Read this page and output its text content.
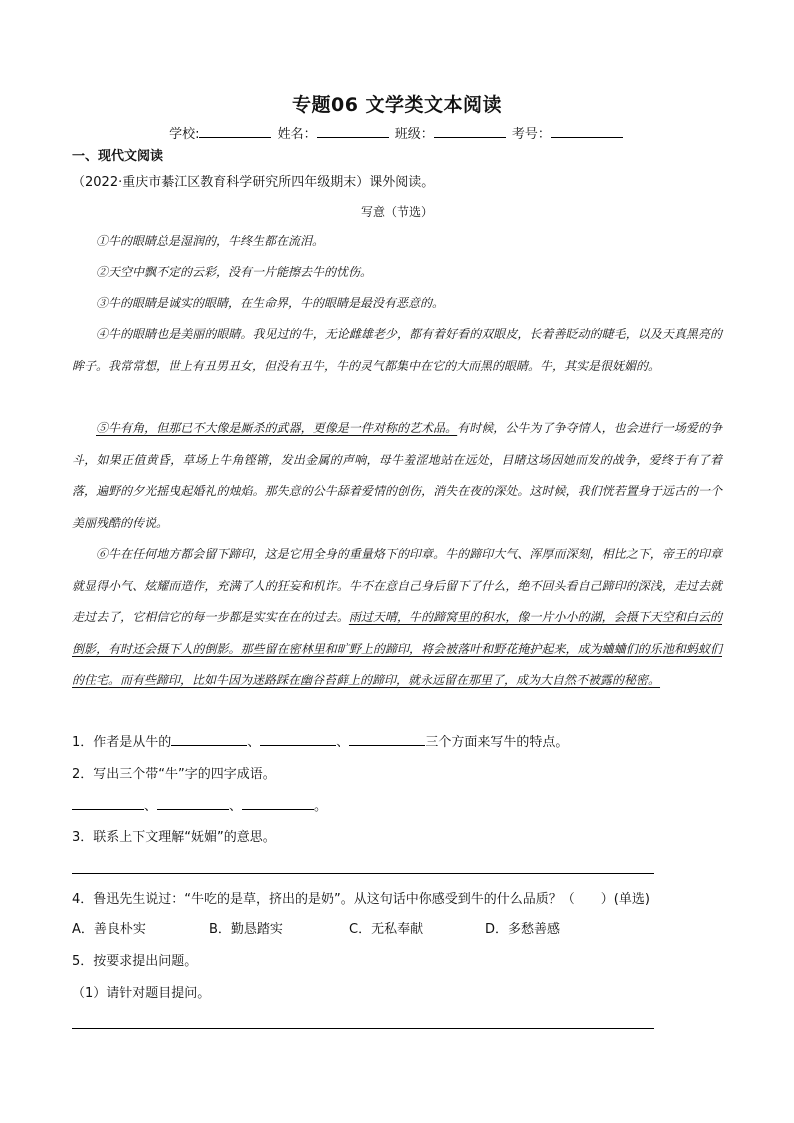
专题06 文学类文本阅读
学校:	姓名：	班级：	考号：
一、现代文阅读
（2022·重庆市綦江区教育科学研究所四年级期末）课外阅读。
写意（节选）
①牛的眼睛总是湿润的，牛终生都在流泪。
②天空中飘不定的云彩，没有一片能擦去牛的忧伤。
③牛的眼睛是诚实的眼睛，在生命界，牛的眼睛是最没有恶意的。
④牛的眼睛也是美丽的眼睛。我见过的牛，无论雌雄老少，都有着好看的双眼皮，长着善眨动的睫毛，以及天真黑亮的眸子。我常常想，世上有丑男丑女，但没有丑牛，牛的灵气都集中在它的大而黑的眼睛。牛，其实是很妩媚的。
⑤牛有角，但那已不大像是厮杀的武器，更像是一件对称的艺术品。有时候，公牛为了争夺情人，也会进行一场爱的争斗，如果正值黄昏，草场上牛角铿锵，发出金属的声响，母牛羞涩地站在远处，目睹这场因她而发的战争，爱终于有了着落，遍野的夕光摇曳起婚礼的烛焰。那失意的公牛舔着爱情的创伤，消失在夜的深处。这时候，我们恍若置身于远古的一个美丽残酷的传说。
⑥牛在任何地方都会留下蹄印，这是它用全身的重量烙下的印章。牛的蹄印大气、浑厚而深刻，相比之下，帝王的印章就显得小气、炫耀而造作，充满了人的狂妄和机诈。牛不在意自己身后留下了什么，绝不回头看自己蹄印的深浅，走过去就走过去了，它相信它的每一步都是实实在在的过去。雨过天晴，牛的蹄窝里的积水，像一片小小的湖，会摄下天空和白云的倒影，有时还会摄下人的倒影。那些留在密林里和旷野上的蹄印，将会被落叶和野花掩护起来，成为蛐蛐们的乐池和蚂蚁们的住宅。而有些蹄印，比如牛因为迷路踩在幽谷苔藓上的蹄印，就永远留在那里了，成为大自然不被露的秘密。
1．作者是从牛的	、	、	三个方面来写牛的特点。
2．写出三个带“牛”字的四字成语。
、	、	。
3．联系上下文理解“妩媚”的意思。
4．鲁迅先生说过：“牛吃的是草，挤出的是奶”。从这句话中你感受到牛的什么品质？（　　）(单选)
A．善良朴实	B．勤恳踏实	C．无私奉献	D．多愁善感
5．按要求提出问题。
（1）请针对题目提问。
